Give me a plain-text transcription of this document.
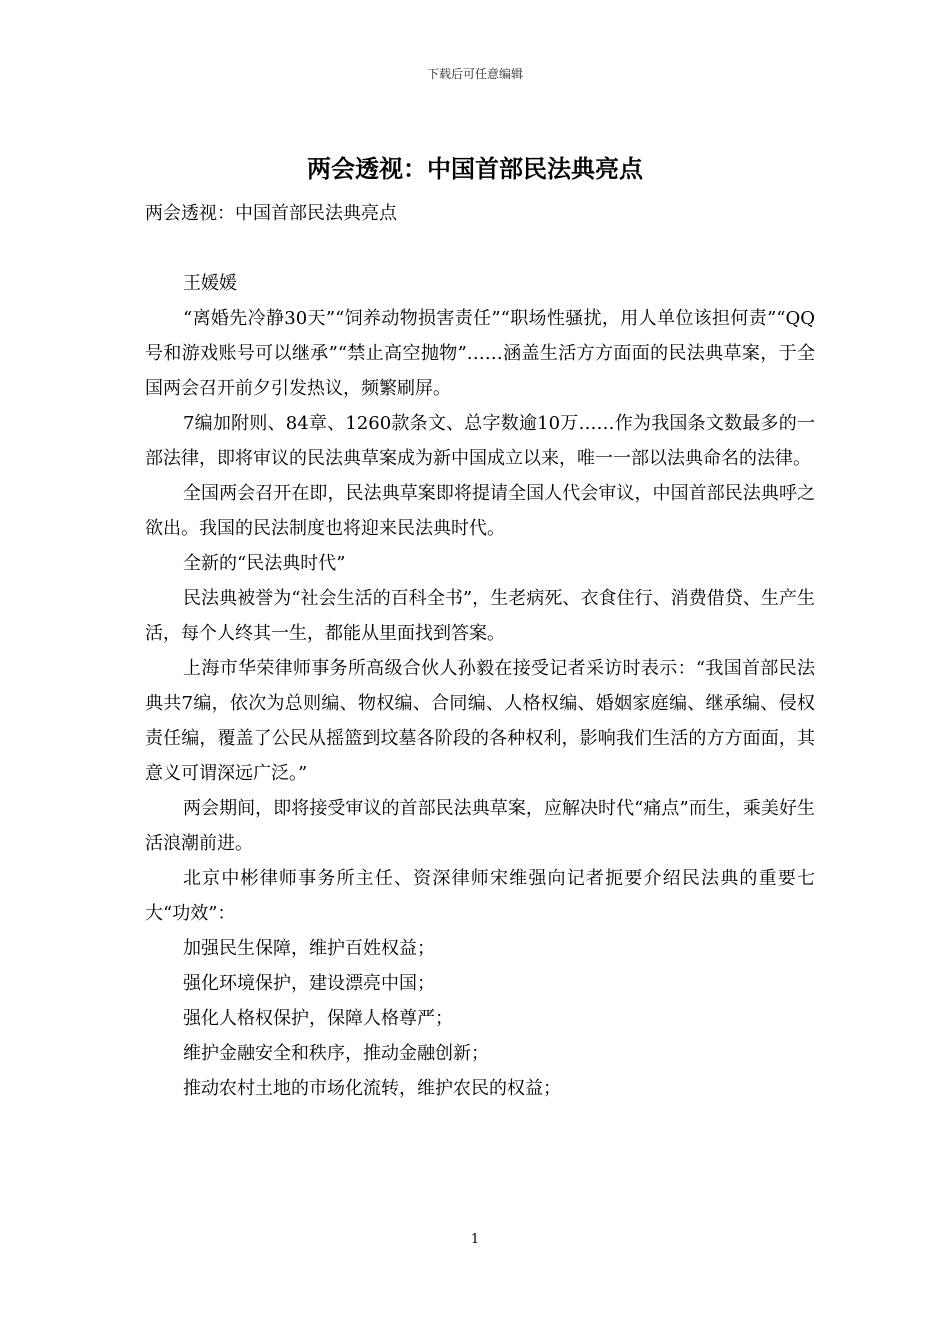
下载后可任意编辑
两会透视：中国首部民法典亮点

两会透视：中国首部民法典亮点

王媛媛

“离婚先冷静30天”“饲养动物损害责任”“职场性骚扰，用人单位该担何责”“QQ号和游戏账号可以继承”“禁止高空抛物”……涵盖生活方方面面的民法典草案，于全国两会召开前夕引发热议，频繁刷屏。

7编加附则、84章、1260款条文、总字数逾10万……作为我国条文数最多的一部法律，即将审议的民法典草案成为新中国成立以来，唯一一部以法典命名的法律。

全国两会召开在即，民法典草案即将提请全国人代会审议，中国首部民法典呼之欲出。我国的民法制度也将迎来民法典时代。

全新的“民法典时代”

民法典被誉为“社会生活的百科全书”，生老病死、衣食住行、消费借贷、生产生活，每个人终其一生，都能从里面找到答案。

上海市华荣律师事务所高级合伙人孙毅在接受记者采访时表示：“我国首部民法典共7编，依次为总则编、物权编、合同编、人格权编、婚姻家庭编、继承编、侵权责任编，覆盖了公民从摇篮到坟墓各阶段的各种权利，影响我们生活的方方面面，其意义可谓深远广泛。”

两会期间，即将接受审议的首部民法典草案，应解决时代“痛点”而生，乘美好生活浪潮前进。

北京中彬律师事务所主任、资深律师宋维强向记者扼要介绍民法典的重要七大“功效”：

加强民生保障，维护百姓权益；

强化环境保护，建设漂亮中国；

强化人格权保护，保障人格尊严；

维护金融安全和秩序，推动金融创新；

推动农村土地的市场化流转，维护农民的权益；

1
